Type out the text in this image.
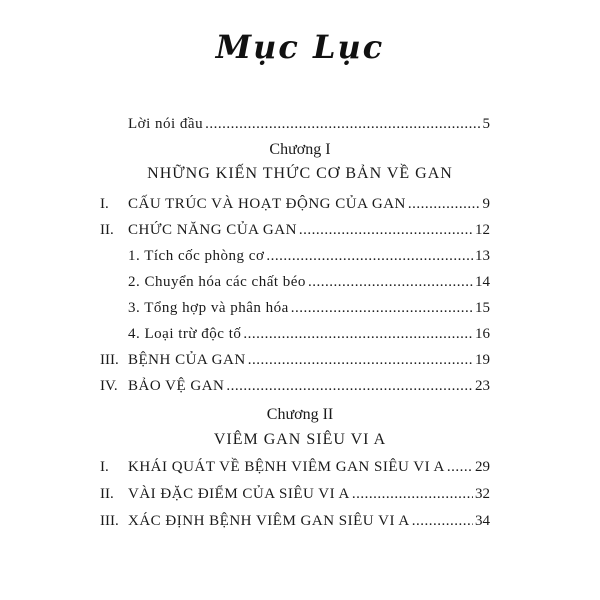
Mục Lục
Lời nói đầu .....	5
Chương I
NHỮNG KIẾN THỨC CƠ BẢN VỀ GAN
I.	CẤU TRÚC VÀ HOẠT ĐỘNG CỦA GAN .....	9
II. CHỨC NĂNG CỦA GAN .....	12
1. Tích cốc phòng cơ .....	13
2. Chuyển hóa các chất béo .....	14
3. Tổng hợp và phân hóa .....	15
4. Loại trừ độc tố .....	16
III. BỆNH CỦA GAN .....	19
IV. BẢO VỆ GAN .....	23
Chương II
VIÊM GAN SIÊU VI A
I.	KHÁI QUÁT VỀ BỆNH VIÊM GAN SIÊU VI A ..... 29
II. VÀI ĐẶC ĐIỂM CỦA SIÊU VI A .....	32
III. XÁC ĐỊNH BỆNH VIÊM GAN SIÊU VI A .....	34
